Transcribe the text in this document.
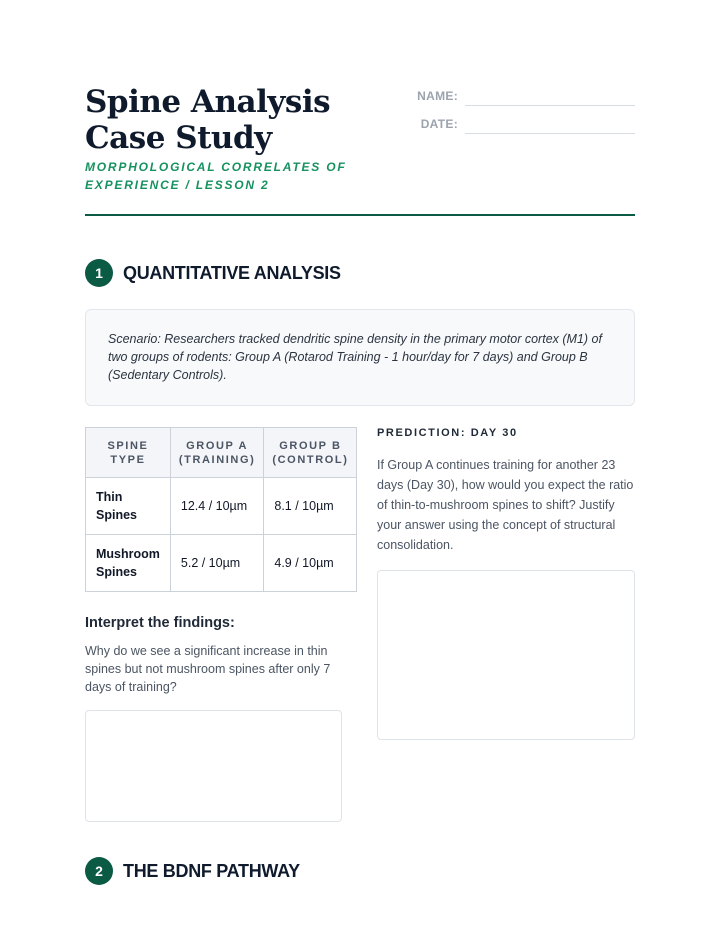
Spine Analysis Case Study
MORPHOLOGICAL CORRELATES OF EXPERIENCE / LESSON 2
NAME:
DATE:
1	QUANTITATIVE ANALYSIS
Scenario: Researchers tracked dendritic spine density in the primary motor cortex (M1) of two groups of rodents: Group A (Rotarod Training - 1 hour/day for 7 days) and Group B (Sedentary Controls).
SPINE TYPE	GROUP A (TRAINING)	GROUP B (CONTROL)
Thin Spines	12.4 / 10µm	8.1 / 10µm
Mushroom Spines	5.2 / 10µm	4.9 / 10µm
Interpret the findings:
Why do we see a significant increase in thin spines but not mushroom spines after only 7 days of training?
PREDICTION: DAY 30
If Group A continues training for another 23 days (Day 30), how would you expect the ratio of thin-to-mushroom spines to shift? Justify your answer using the concept of structural consolidation.
2	THE BDNF PATHWAY
